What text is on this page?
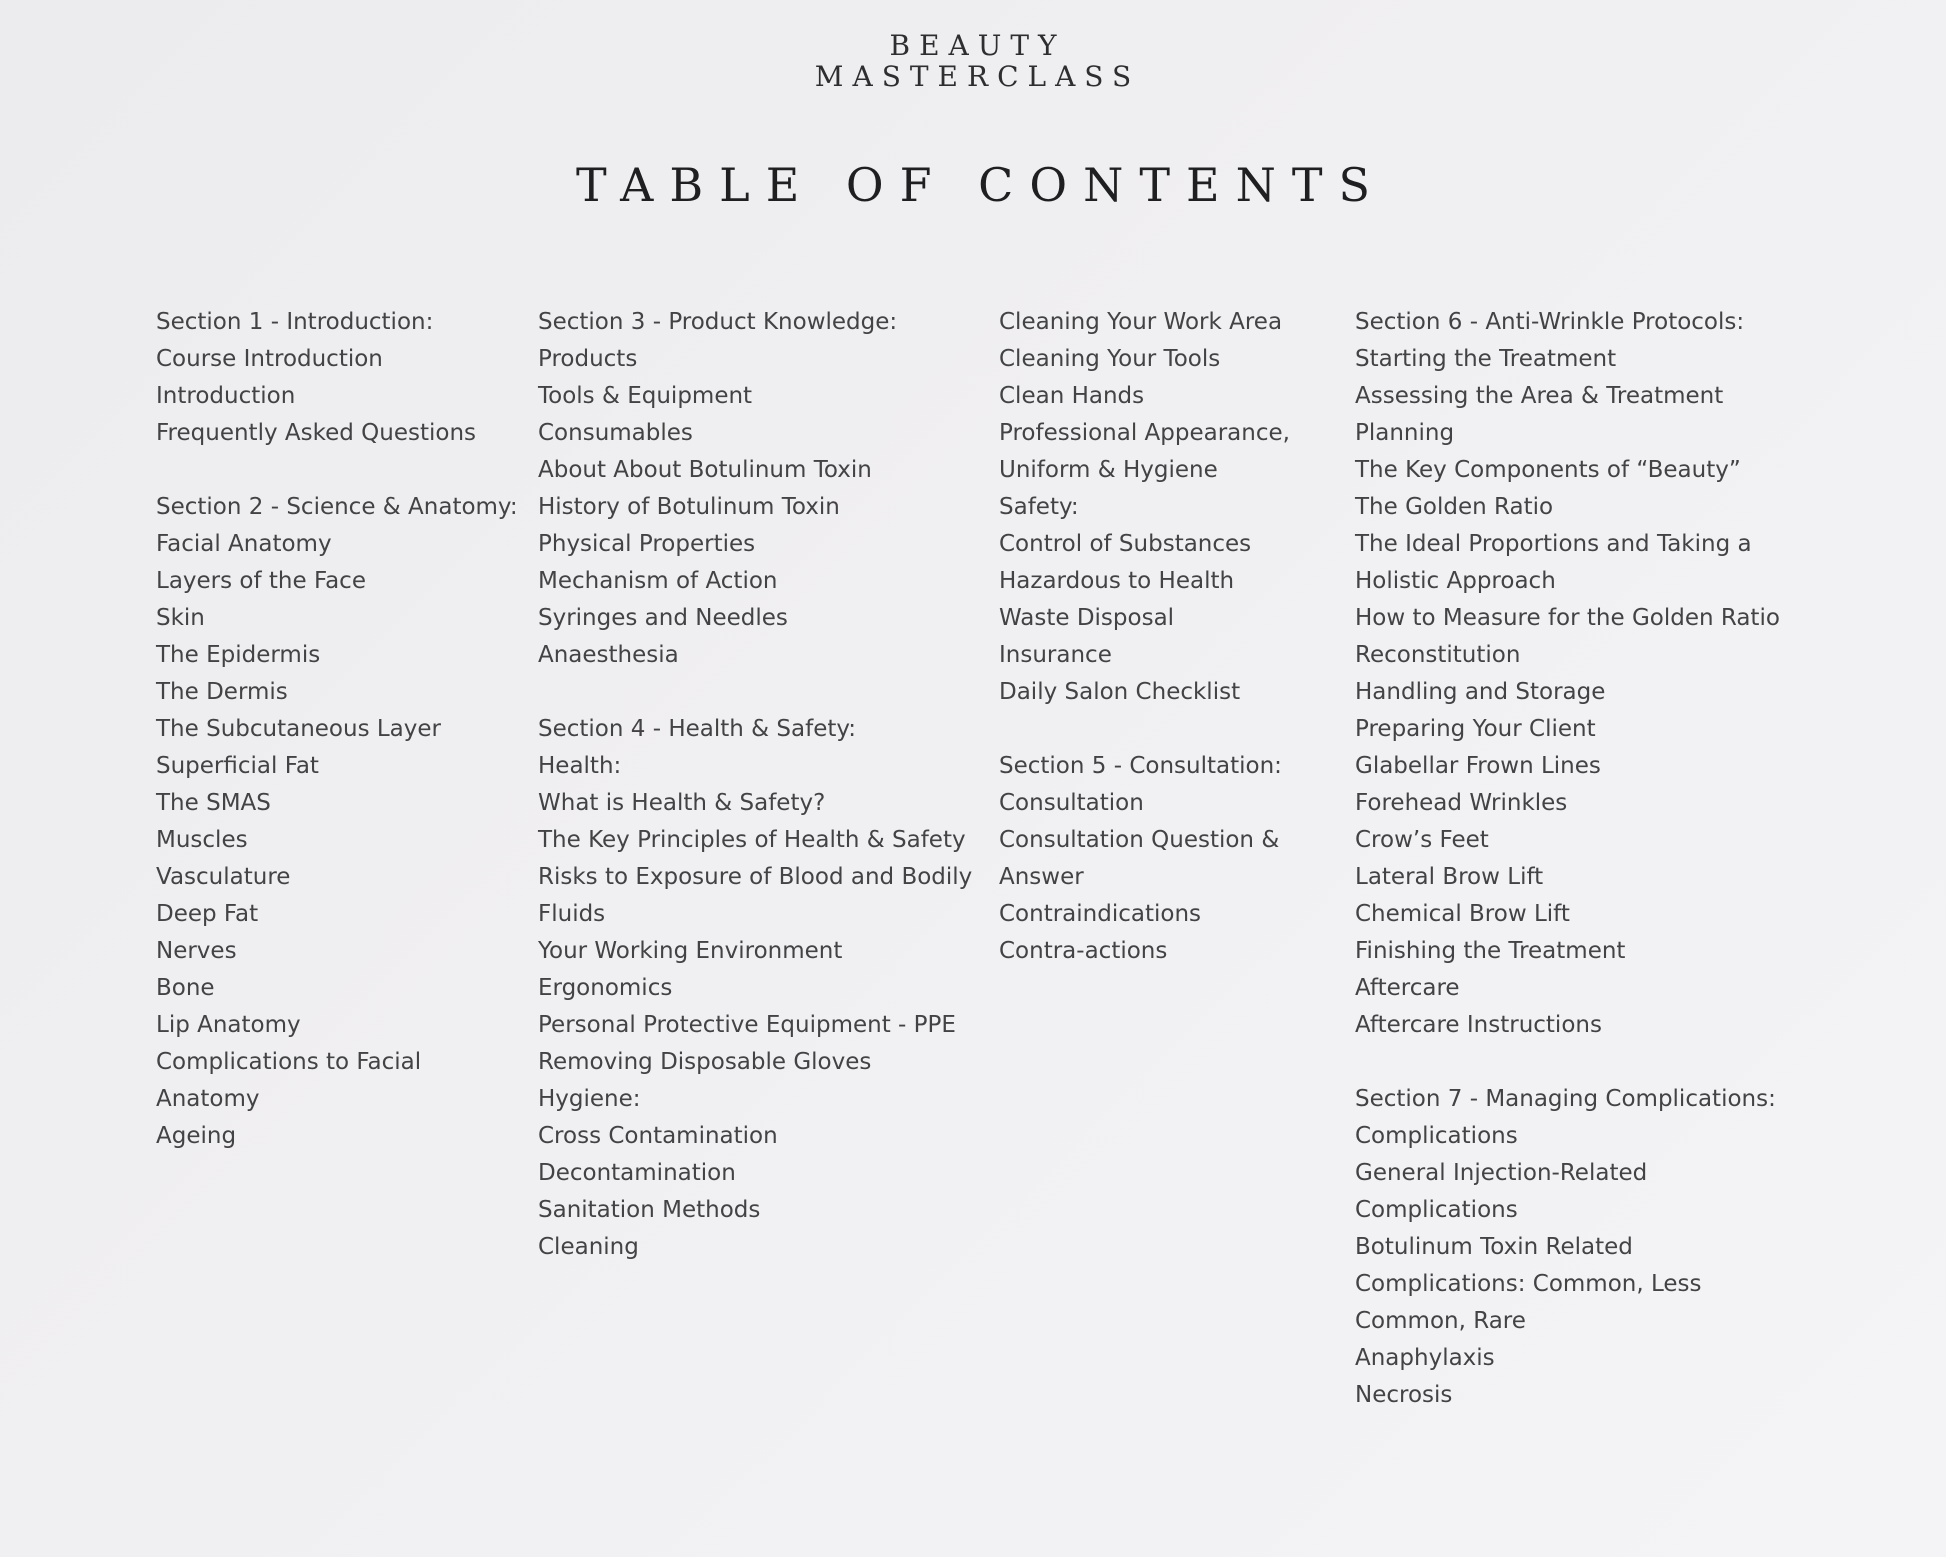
BEAUTY
MASTERCLASS
TABLE OF CONTENTS
Section 1 - Introduction:
Course Introduction
Introduction
Frequently Asked Questions
Section 2 - Science & Anatomy:
Facial Anatomy
Layers of the Face
Skin
The Epidermis
The Dermis
The Subcutaneous Layer
Superficial Fat
The SMAS
Muscles
Vasculature
Deep Fat
Nerves
Bone
Lip Anatomy
Complications to Facial
Anatomy
Ageing
Section 3 - Product Knowledge:
Products
Tools & Equipment
Consumables
About About Botulinum Toxin
History of Botulinum Toxin
Physical Properties
Mechanism of Action
Syringes and Needles
Anaesthesia
Section 4 - Health & Safety:
Health:
What is Health & Safety?
The Key Principles of Health & Safety
Risks to Exposure of Blood and Bodily
Fluids
Your Working Environment
Ergonomics
Personal Protective Equipment - PPE
Removing Disposable Gloves
Hygiene:
Cross Contamination
Decontamination
Sanitation Methods
Cleaning
Cleaning Your Work Area
Cleaning Your Tools
Clean Hands
Professional Appearance,
Uniform & Hygiene
Safety:
Control of Substances
Hazardous to Health
Waste Disposal
Insurance
Daily Salon Checklist
Section 5 - Consultation:
Consultation
Consultation Question &
Answer
Contraindications
Contra-actions
Section 6 - Anti-Wrinkle Protocols:
Starting the Treatment
Assessing the Area & Treatment
Planning
The Key Components of “Beauty”
The Golden Ratio
The Ideal Proportions and Taking a
Holistic Approach
How to Measure for the Golden Ratio
Reconstitution
Handling and Storage
Preparing Your Client
Glabellar Frown Lines
Forehead Wrinkles
Crow’s Feet
Lateral Brow Lift
Chemical Brow Lift
Finishing the Treatment
Aftercare
Aftercare Instructions
Section 7 - Managing Complications:
Complications
General Injection-Related
Complications
Botulinum Toxin Related
Complications: Common, Less
Common, Rare
Anaphylaxis
Necrosis
